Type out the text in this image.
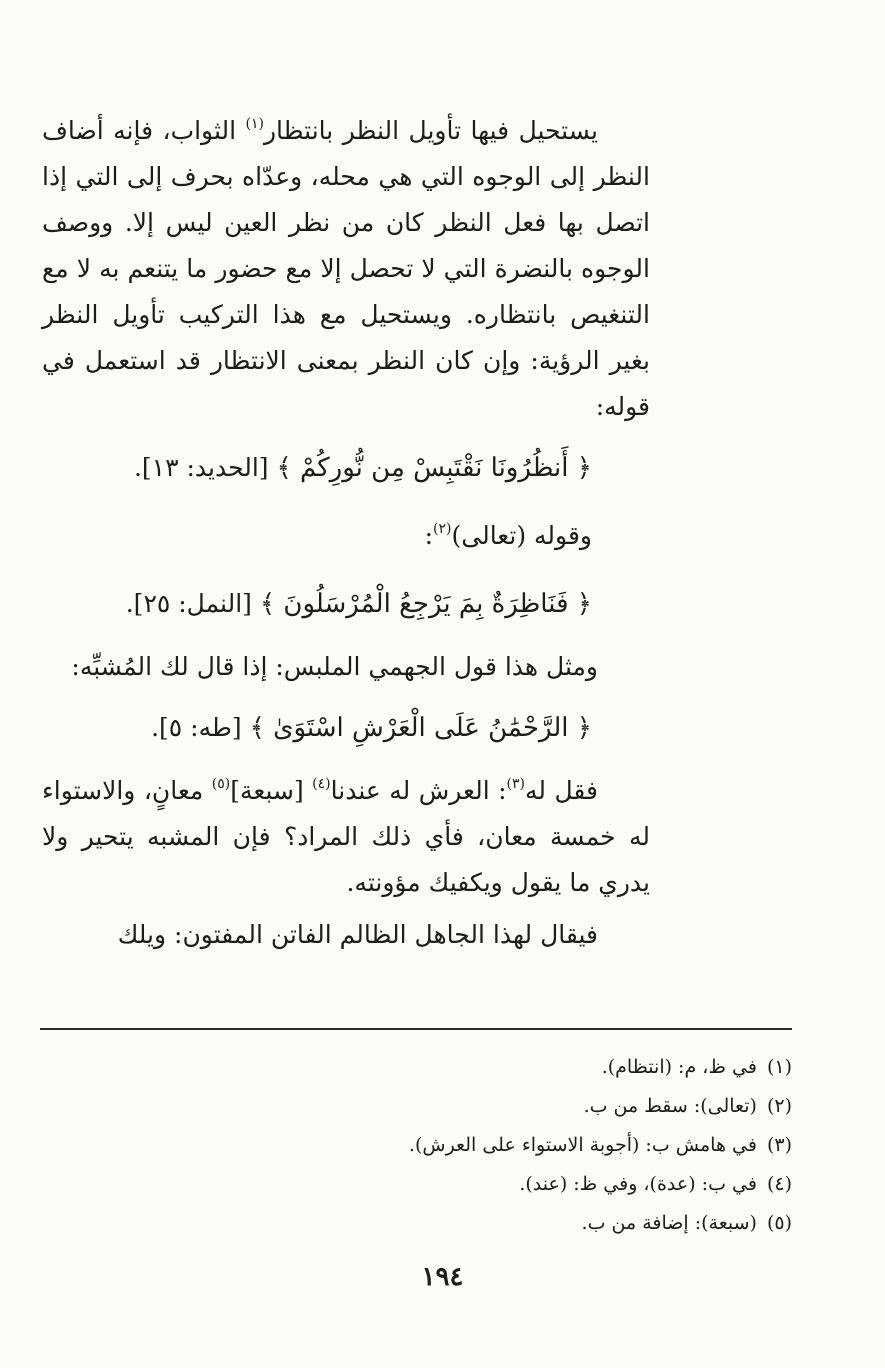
يستحيل فيها تأويل النظر بانتظار$^{(١)}$ الثواب، فإنه أضاف النظر إلى الوجوه التي هي محله، وعدّاه بحرف إلى التي إذا اتصل بها فعل النظر كان من نظر العين ليس إلا. ووصف الوجوه بالنضرة التي لا تحصل إلا مع حضور ما يتنعم به لا مع التنغيص بانتظاره. ويستحيل مع هذا التركيب تأويل النظر بغير الرؤية: وإن كان النظر بمعنى الانتظار قد استعمل في قوله:

﴿ أَنظُرُونَا نَقْتَبِسْ مِن نُّورِكُمْ ﴾ [الحديد: ١٣].

وقوله (تعالى)$^{(٢)}$:

﴿ فَنَاظِرَةٌ بِمَ يَرْجِعُ الْمُرْسَلُونَ ﴾ [النمل: ٢٥].

ومثل هذا قول الجهمي الملبس: إذا قال لك المُشبِّه:

﴿ الرَّحْمَٰنُ عَلَى الْعَرْشِ اسْتَوَىٰ ﴾ [طه: ٥].

فقل له$^{(٣)}$: العرش له عندنا$^{(٤)}$ [سبعة]$^{(٥)}$ معانٍ، والاستواء له خمسة معان، فأي ذلك المراد؟ فإن المشبه يتحير ولا يدري ما يقول ويكفيك مؤونته.

فيقال لهذا الجاهل الظالم الفاتن المفتون: ويلك

(١)في ظ، م: (انتظام).
(٢)(تعالى): سقط من ب.
(٣)في هامش ب: (أجوبة الاستواء على العرش).
(٤)في ب: (عدة)، وفي ظ: (عند).
(٥)(سبعة): إضافة من ب.
١٩٤
